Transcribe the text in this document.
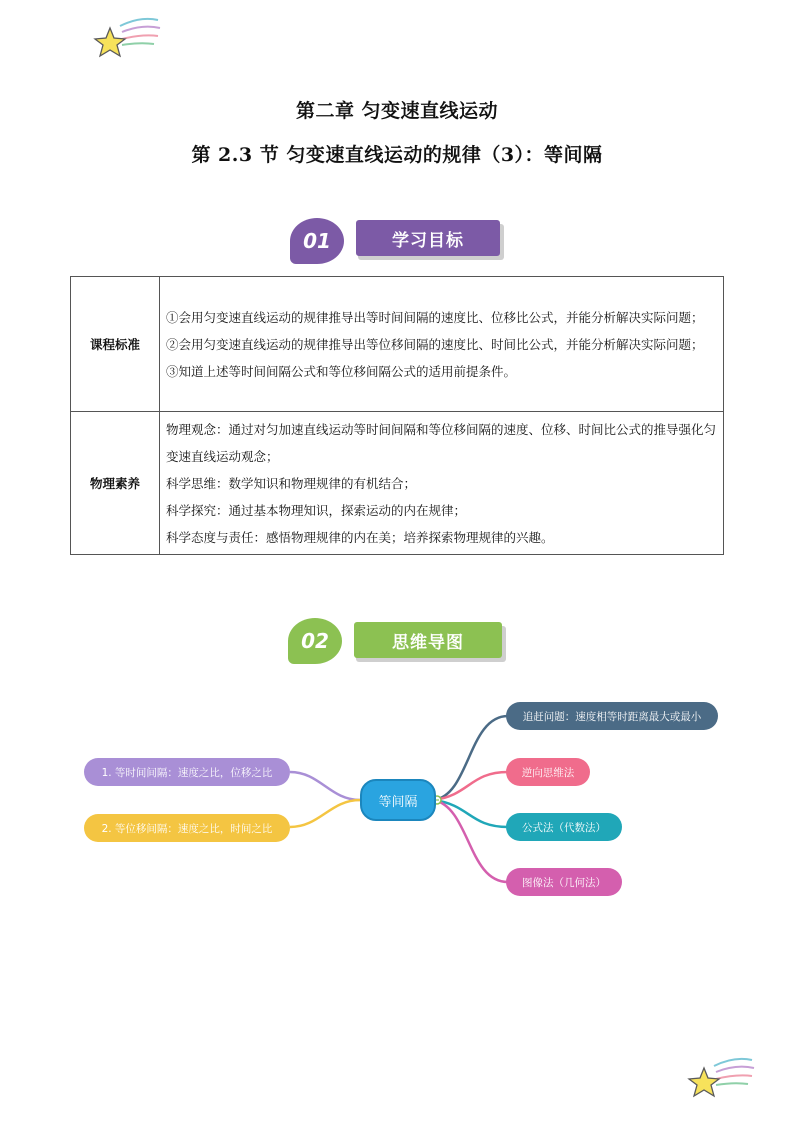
第二章 匀变速直线运动
第 2.3 节 匀变速直线运动的规律（3）：等间隔
01	学习目标
课程标准	①会用匀变速直线运动的规律推导出等时间间隔的速度比、位移比公式，并能分析解决实际问题；
②会用匀变速直线运动的规律推导出等位移间隔的速度比、时间比公式，并能分析解决实际问题；
③知道上述等时间间隔公式和等位移间隔公式的适用前提条件。

物理素养	物理观念：通过对匀加速直线运动等时间间隔和等位移间隔的速度、位移、时间比公式的推导强化匀变速直线运动观念；
科学思维：数学知识和物理规律的有机结合；
科学探究：通过基本物理知识，探索运动的内在规律；
科学态度与责任：感悟物理规律的内在美；培养探索物理规律的兴趣。
02	思维导图
等间隔
1. 等时间间隔：速度之比，位移之比
2. 等位移间隔：速度之比，时间之比
追赶问题：速度相等时距离最大或最小
逆向思维法
公式法（代数法）
图像法（几何法）
